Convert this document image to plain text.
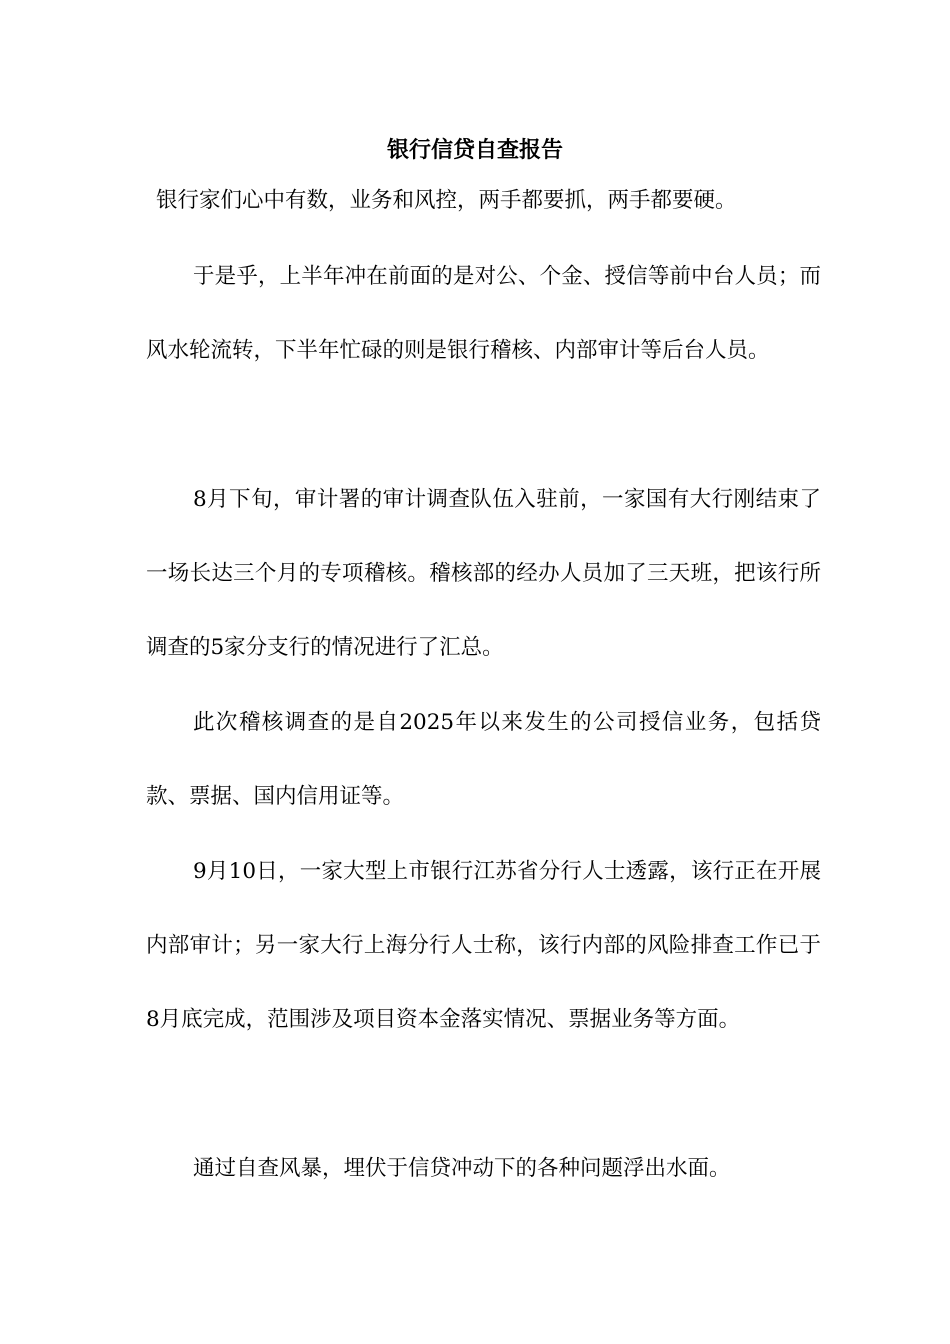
银行信贷自查报告

银行家们心中有数，业务和风控，两手都要抓，两手都要硬。

于是乎，上半年冲在前面的是对公、个金、授信等前中台人员；而风水轮流转，下半年忙碌的则是银行稽核、内部审计等后台人员。

8月下旬，审计署的审计调查队伍入驻前，一家国有大行刚结束了一场长达三个月的专项稽核。稽核部的经办人员加了三天班，把该行所调查的5家分支行的情况进行了汇总。

此次稽核调查的是自2025年以来发生的公司授信业务，包括贷款、票据、国内信用证等。

9月10日，一家大型上市银行江苏省分行人士透露，该行正在开展内部审计；另一家大行上海分行人士称，该行内部的风险排查工作已于8月底完成，范围涉及项目资本金落实情况、票据业务等方面。

通过自查风暴，埋伏于信贷冲动下的各种问题浮出水面。
